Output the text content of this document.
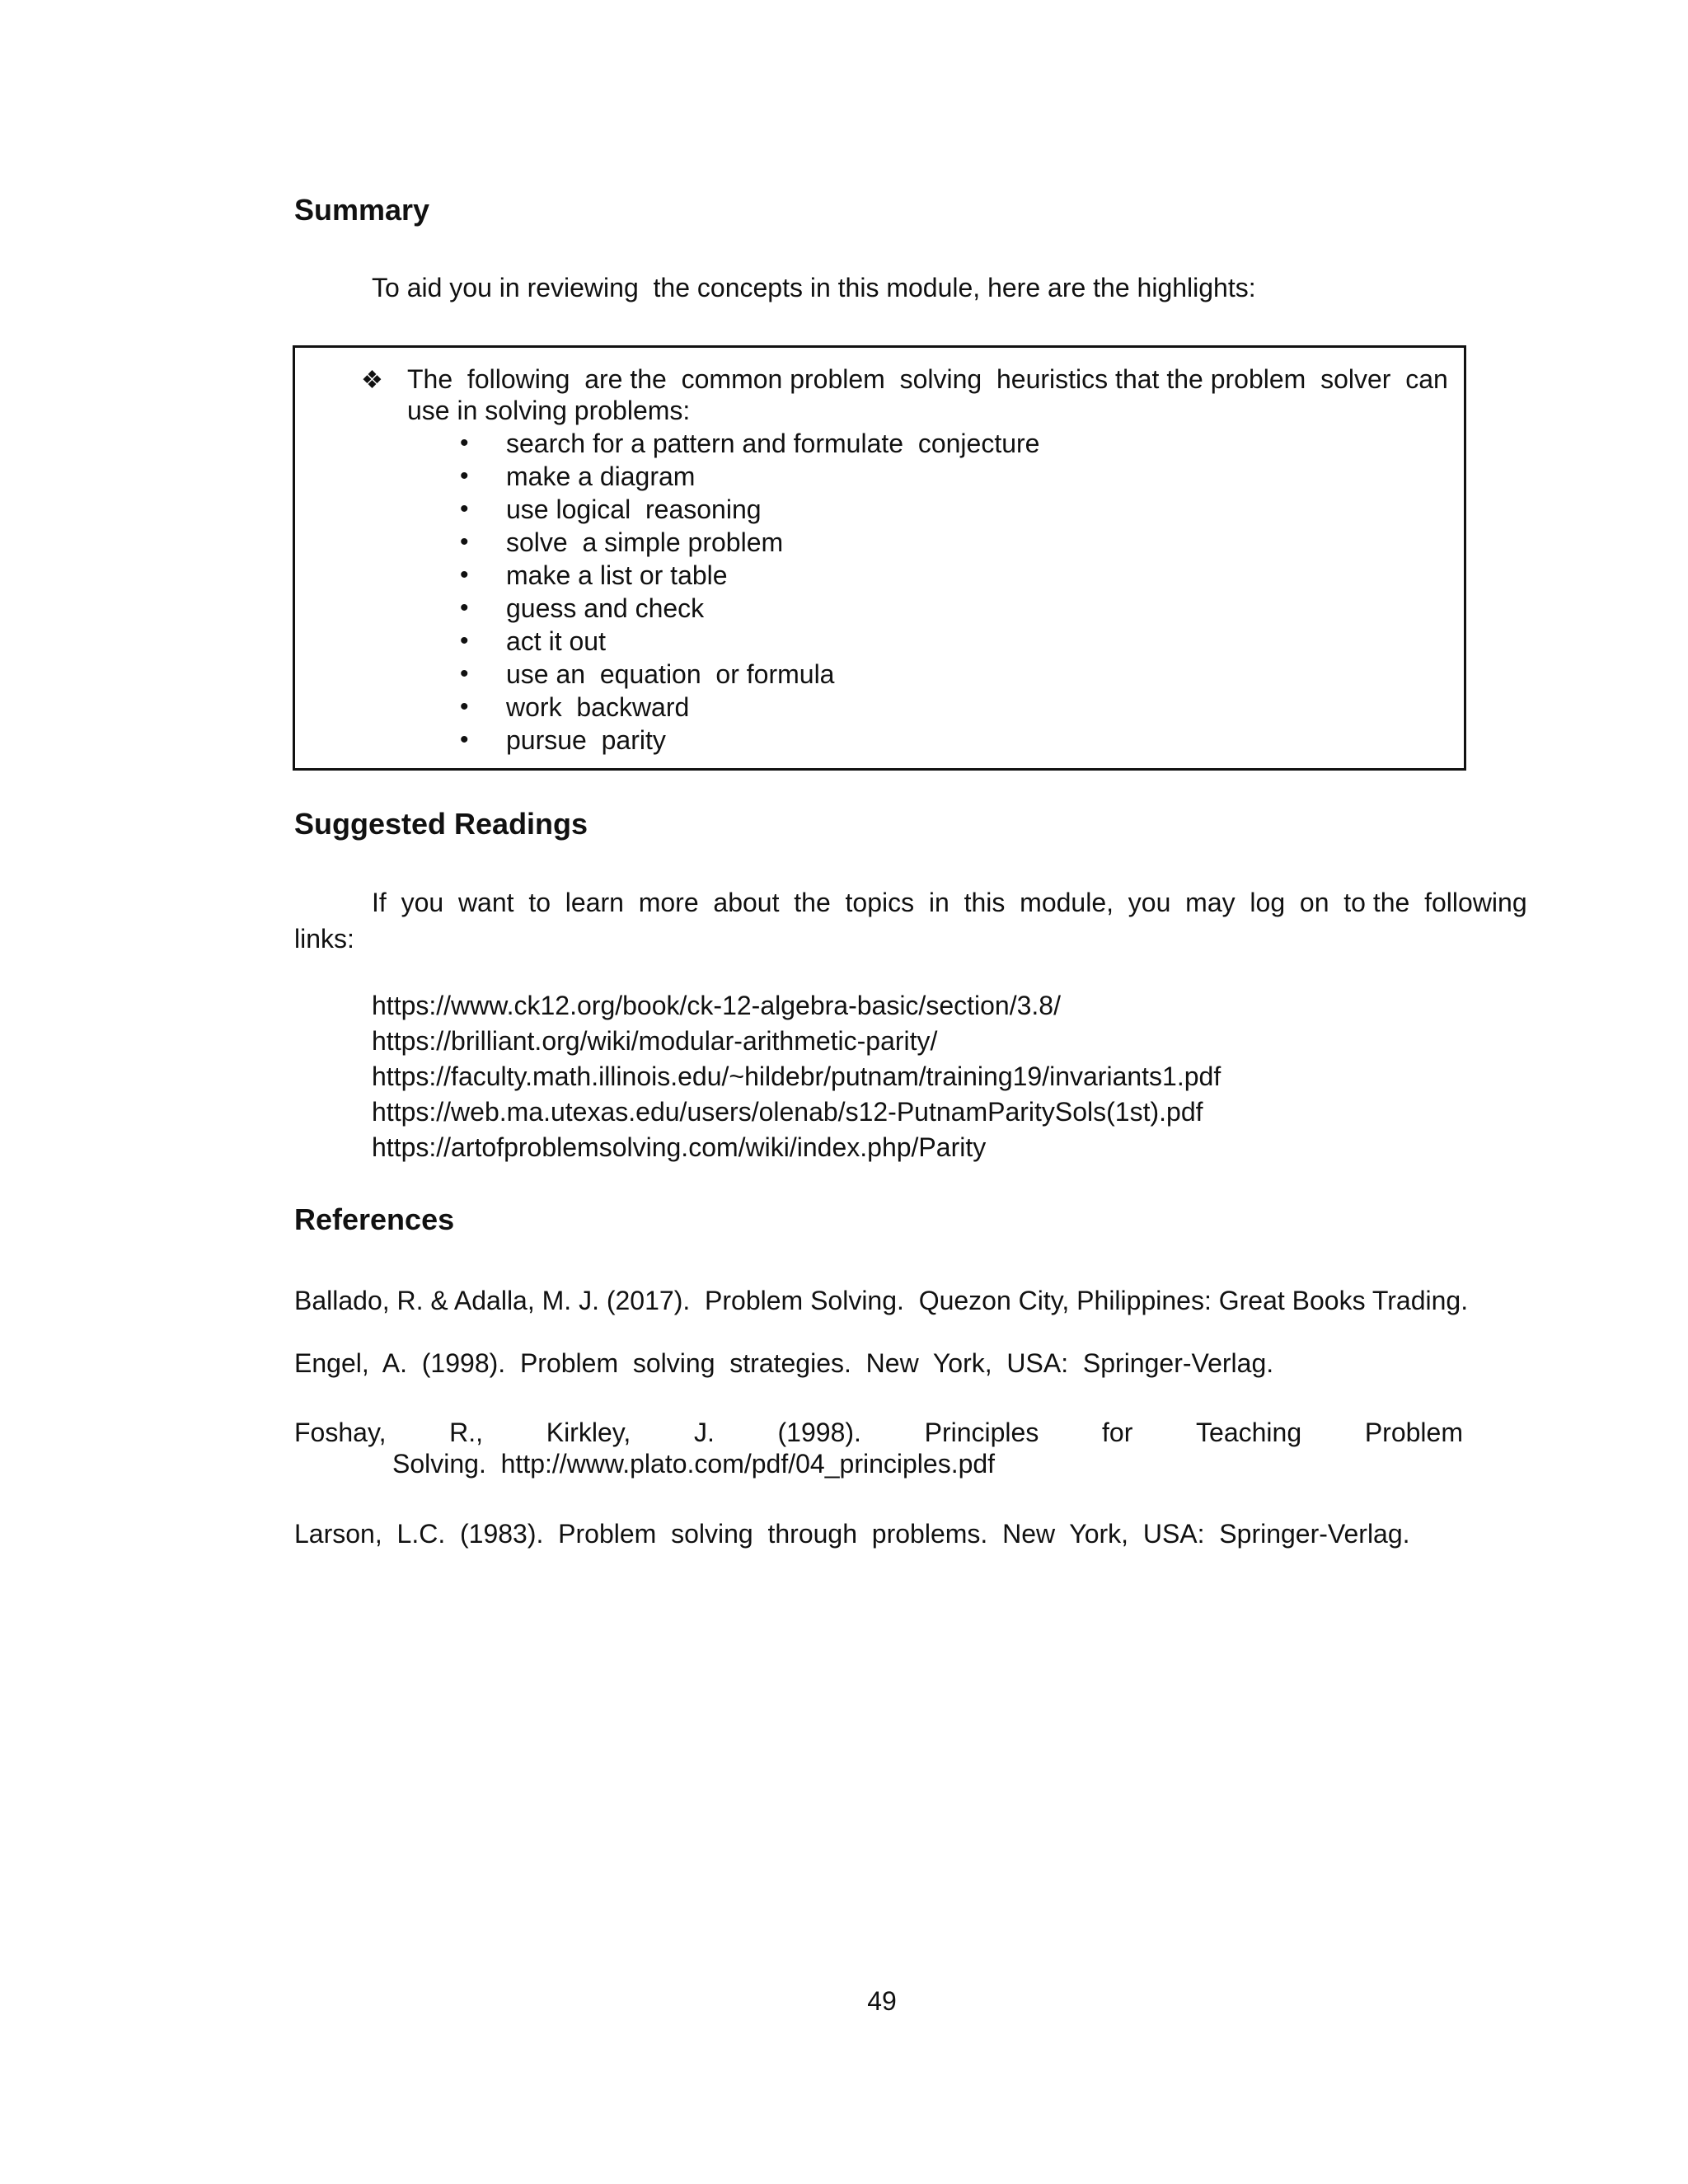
Summary

To aid you in reviewing  the concepts in this module, here are the highlights:

❖ The  following  are the  common problem  solving  heuristics that the problem  solver  can
use in solving problems:
• search for a pattern and formulate  conjecture
• make a diagram
• use logical  reasoning
• solve  a simple problem
• make a list or table
• guess and check
• act it out
• use an  equation  or formula
• work  backward
• pursue  parity
Suggested Readings

If  you  want  to  learn  more  about  the  topics  in  this  module,  you  may  log  on  to the  following

links:

https://www.ck12.org/book/ck-12-algebra-basic/section/3.8/
https://brilliant.org/wiki/modular-arithmetic-parity/
https://faculty.math.illinois.edu/~hildebr/putnam/training19/invariants1.pdf
https://web.ma.utexas.edu/users/olenab/s12-PutnamParitySols(1st).pdf
https://artofproblemsolving.com/wiki/index.php/Parity
References

Ballado, R. & Adalla, M. J. (2017).  Problem Solving.  Quezon City, Philippines: Great Books Trading.

Engel,  A.  (1998).  Problem  solving  strategies.  New  York,  USA:  Springer-Verlag.

Foshay, R., Kirkley, J. (1998). Principles for Teaching Problem

Solving.  http://www.plato.com/pdf/04_principles.pdf

Larson,  L.C.  (1983).  Problem  solving  through  problems.  New  York,  USA:  Springer-Verlag.

49
